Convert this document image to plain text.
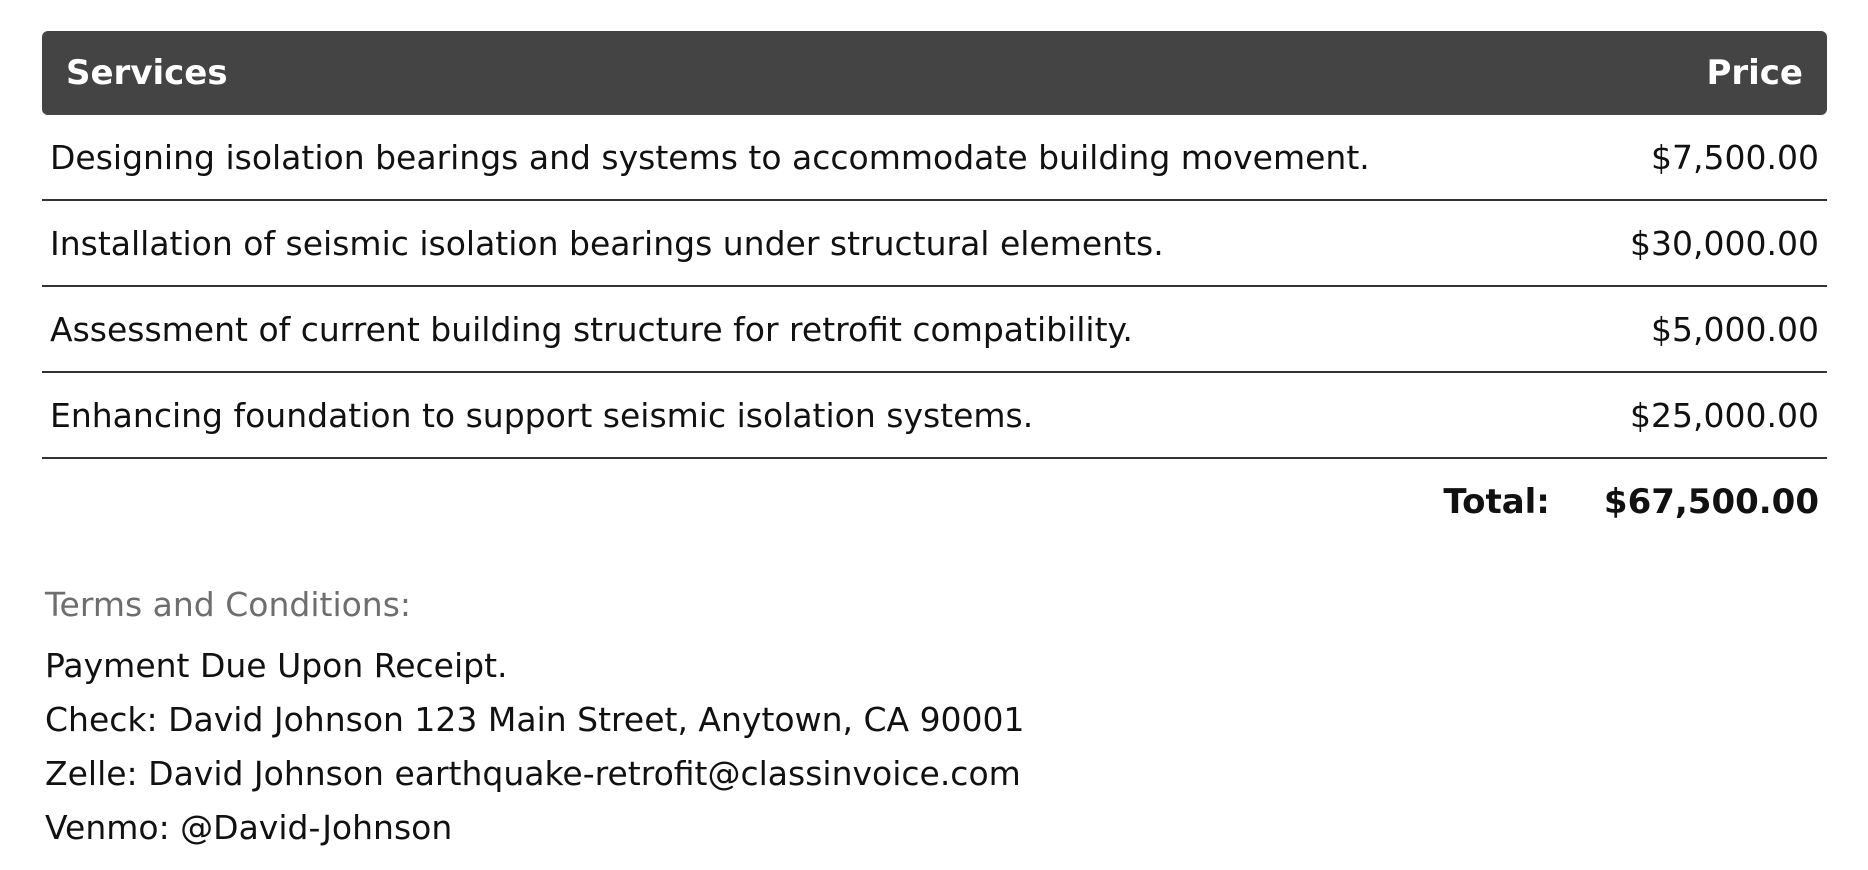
Services	Price
Designing isolation bearings and systems to accommodate building movement.	$7,500.00
Installation of seismic isolation bearings under structural elements.	$30,000.00
Assessment of current building structure for retrofit compatibility.	$5,000.00
Enhancing foundation to support seismic isolation systems.	$25,000.00
Total: $67,500.00
Terms and Conditions:
Payment Due Upon Receipt.
Check: David Johnson 123 Main Street, Anytown, CA 90001
Zelle: David Johnson earthquake-retrofit@classinvoice.com
Venmo: @David-Johnson
